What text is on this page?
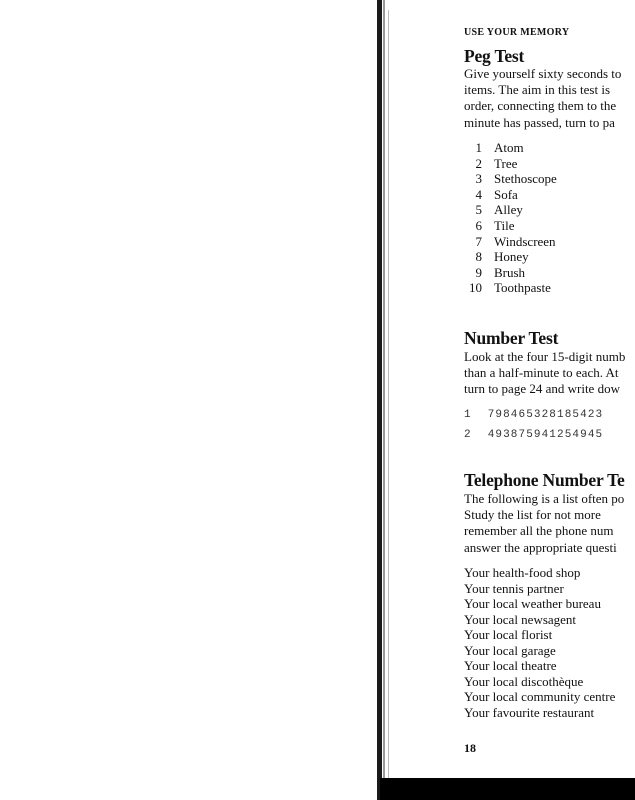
USE YOUR MEMORY
Peg Test
Give yourself sixty seconds to
items. The aim in this test is
order, connecting them to the
minute has passed, turn to pa
1 Atom
2 Tree
3 Stethoscope
4 Sofa
5 Alley
6 Tile
7 Windscreen
8 Honey
9 Brush
10 Toothpaste
Number Test
Look at the four 15-digit numb
than a half-minute to each. At
turn to page 24 and write dow
1 798465328185423
2 493875941254945
Telephone Number Te
The following is a list often po
Study the list for not more
remember all the phone num
answer the appropriate questi
Your health-food shop
Your tennis partner
Your local weather bureau
Your local newsagent
Your local florist
Your local garage
Your local theatre
Your local discothèque
Your local community centre
Your favourite restaurant
18
